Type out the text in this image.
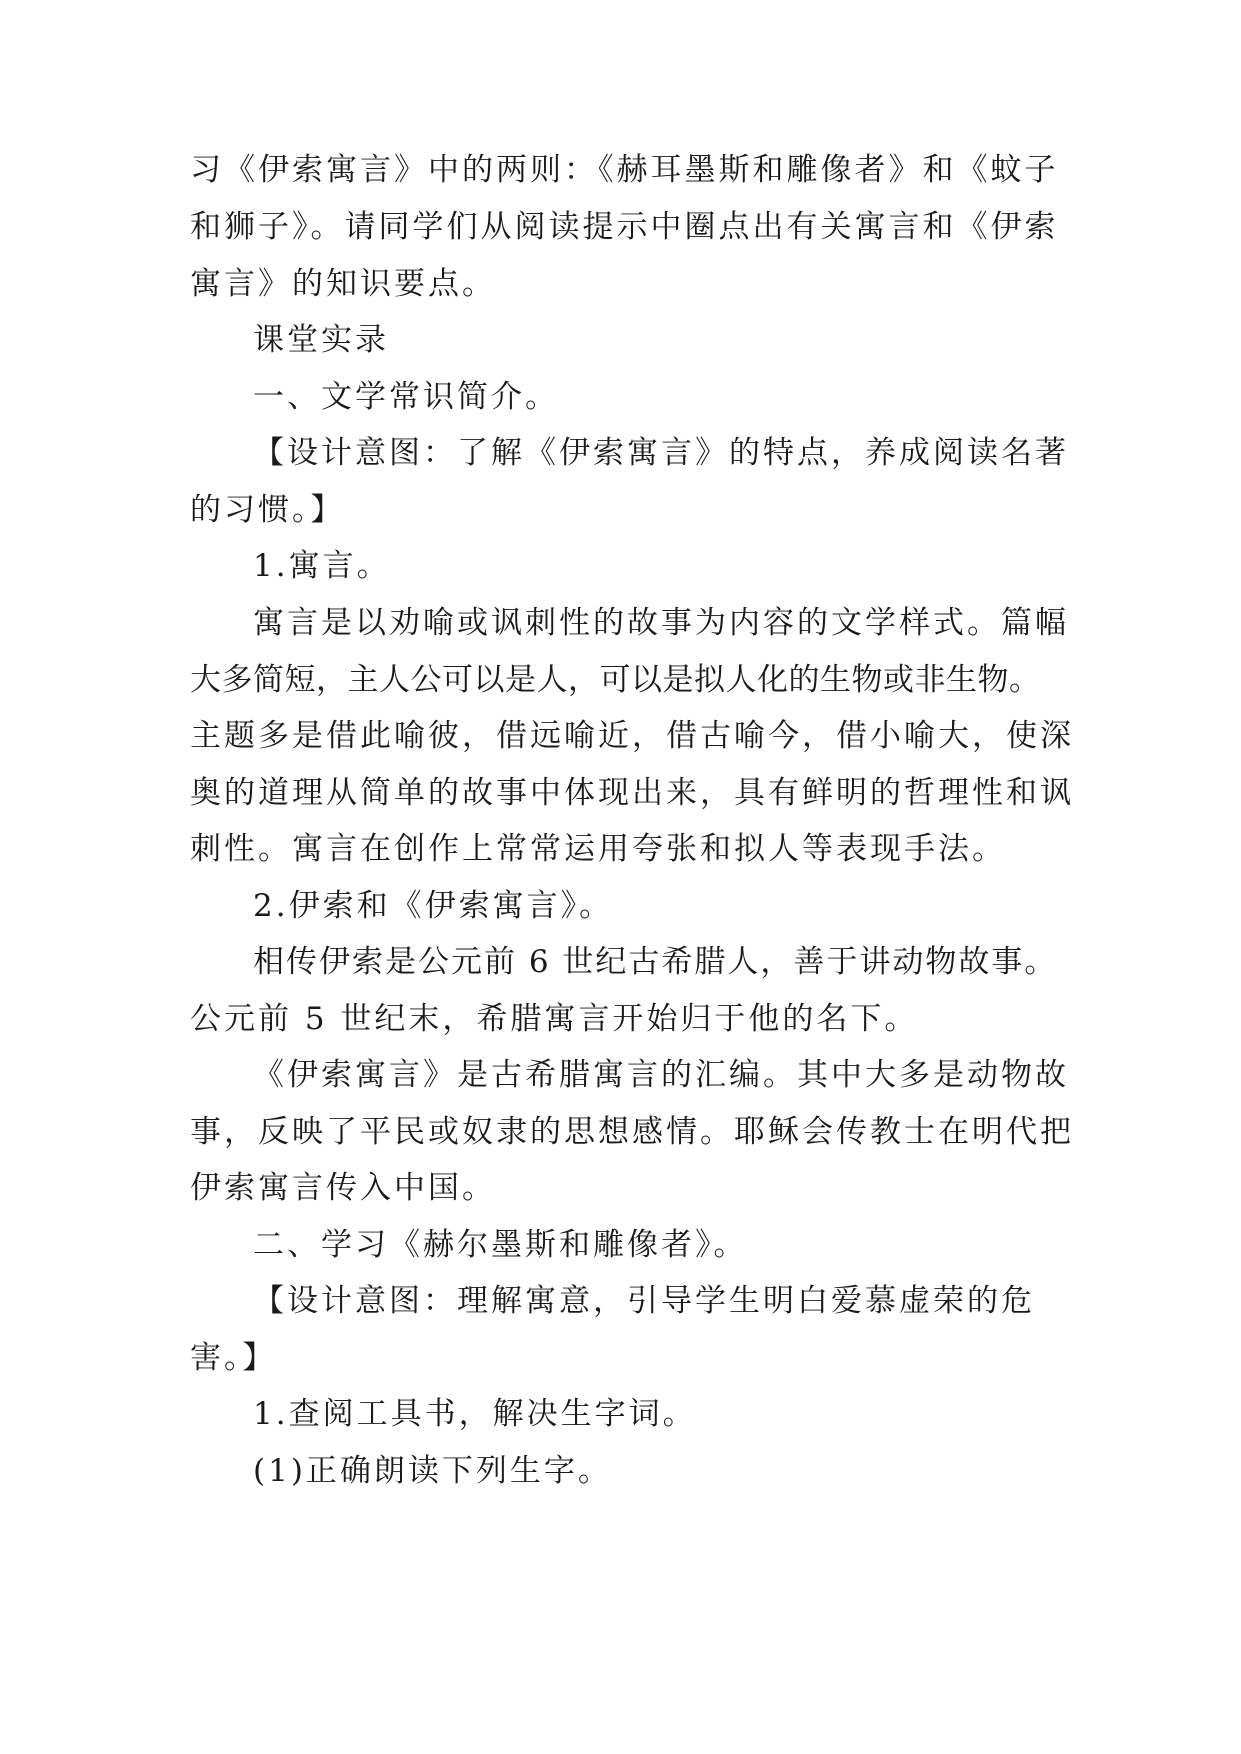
习《伊索寓言》中的两则：《赫耳墨斯和雕像者》和《蚊子
和狮子》。请同学们从阅读提示中圈点出有关寓言和《伊索
寓言》的知识要点。
课堂实录
一、文学常识简介。
【设计意图：了解《伊索寓言》的特点，养成阅读名著
的习惯。】
1.寓言。
寓言是以劝喻或讽刺性的故事为内容的文学样式。篇幅
大多简短，主人公可以是人，可以是拟人化的生物或非生物。
主题多是借此喻彼，借远喻近，借古喻今，借小喻大，使深
奥的道理从简单的故事中体现出来，具有鲜明的哲理性和讽
刺性。寓言在创作上常常运用夸张和拟人等表现手法。
2.伊索和《伊索寓言》。
相传伊索是公元前 6 世纪古希腊人，善于讲动物故事。
公元前 5 世纪末，希腊寓言开始归于他的名下。
《伊索寓言》是古希腊寓言的汇编。其中大多是动物故
事，反映了平民或奴隶的思想感情。耶稣会传教士在明代把
伊索寓言传入中国。
二、学习《赫尔墨斯和雕像者》。
【设计意图：理解寓意，引导学生明白爱慕虚荣的危
害。】
1.查阅工具书，解决生字词。
(1)正确朗读下列生字。
